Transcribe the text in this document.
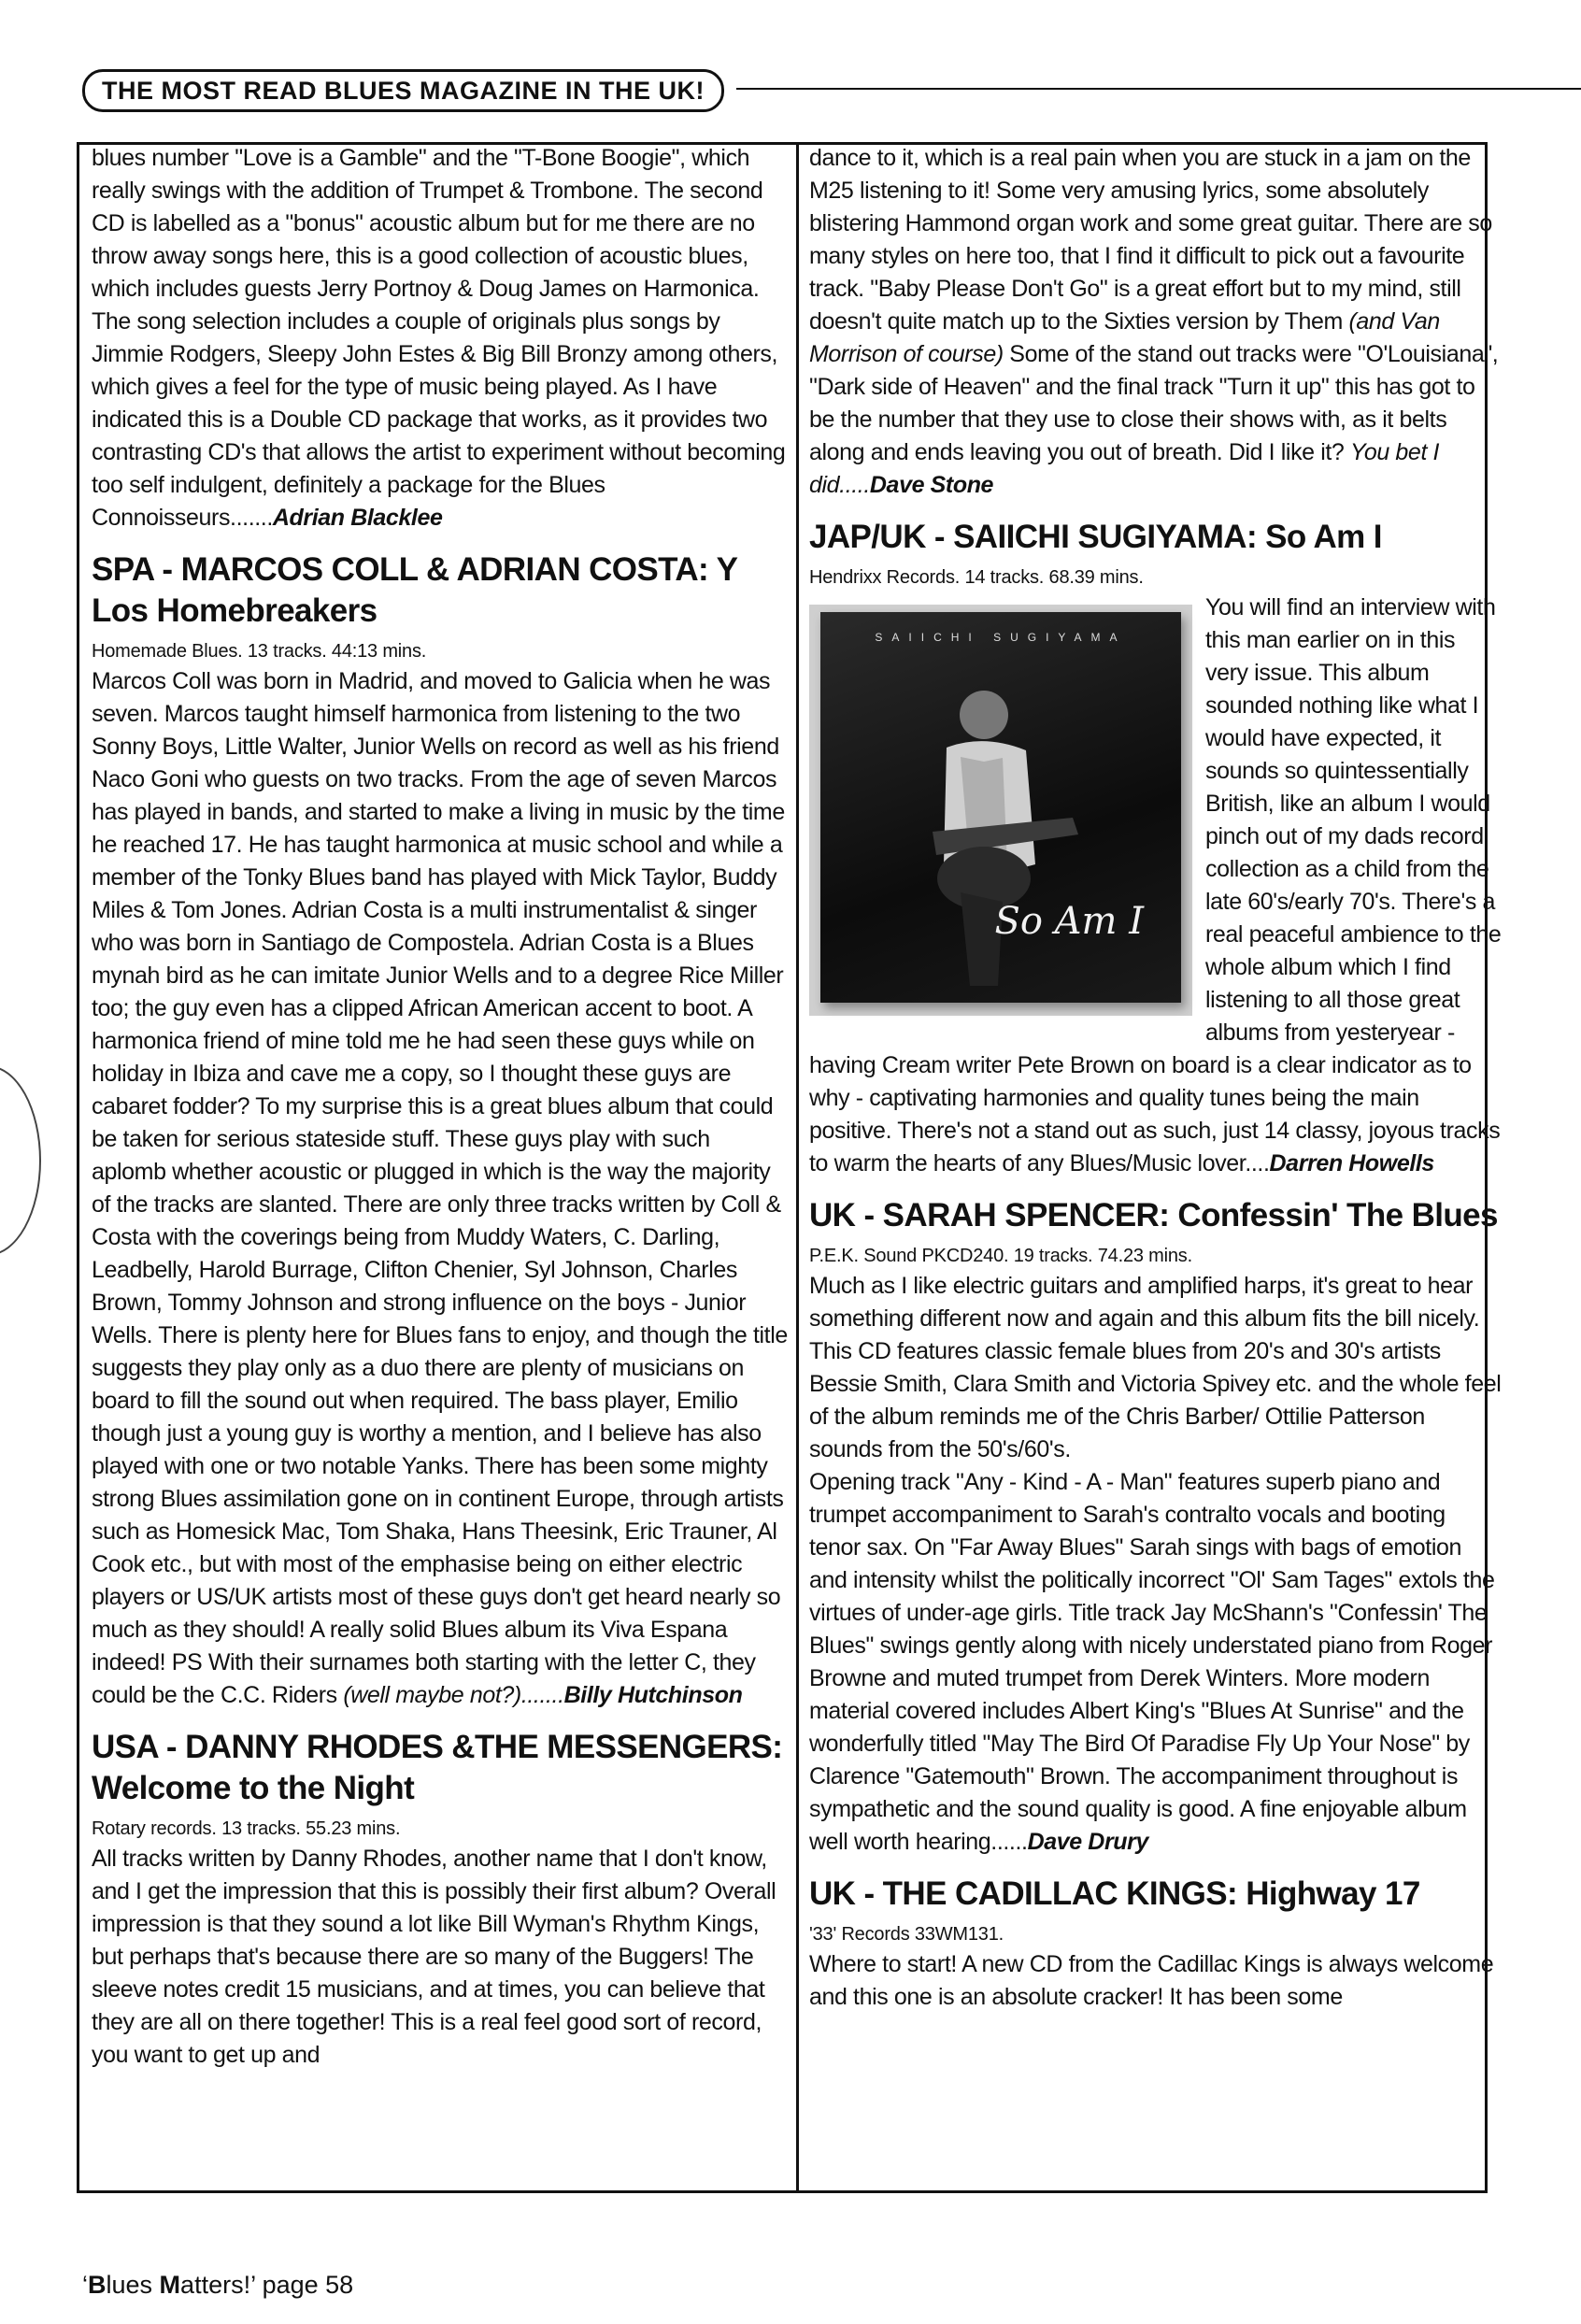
THE MOST READ BLUES MAGAZINE IN THE UK!

blues number "Love is a Gamble" and the "T-Bone Boogie", which really swings with the addition of Trumpet & Trombone. The second CD is labelled as a "bonus" acoustic album but for me there are no throw away songs here, this is a good collection of acoustic blues, which includes guests Jerry Portnoy & Doug James on Harmonica. The song selection includes a couple of originals plus songs by Jimmie Rodgers, Sleepy John Estes & Big Bill Bronzy among others, which gives a feel for the type of music being played. As I have indicated this is a Double CD package that works, as it provides two contrasting CD's that allows the artist to experiment without becoming too self indulgent, definitely a package for the Blues Connoisseurs.......Adrian Blacklee

SPA - MARCOS COLL & ADRIAN COSTA: Y Los Homebreakers

Homemade Blues. 13 tracks. 44:13 mins.

Marcos Coll was born in Madrid, and moved to Galicia when he was seven. Marcos taught himself harmonica from listening to the two Sonny Boys, Little Walter, Junior Wells on record as well as his friend Naco Goni who guests on two tracks. From the age of seven Marcos has played in bands, and started to make a living in music by the time he reached 17. He has taught harmonica at music school and while a member of the Tonky Blues band has played with Mick Taylor, Buddy Miles & Tom Jones. Adrian Costa is a multi instrumentalist & singer who was born in Santiago de Compostela. Adrian Costa is a Blues mynah bird as he can imitate Junior Wells and to a degree Rice Miller too; the guy even has a clipped African American accent to boot. A harmonica friend of mine told me he had seen these guys while on holiday in Ibiza and cave me a copy, so I thought these guys are cabaret fodder? To my surprise this is a great blues album that could be taken for serious stateside stuff. These guys play with such aplomb whether acoustic or plugged in which is the way the majority of the tracks are slanted. There are only three tracks written by Coll & Costa with the coverings being from Muddy Waters, C. Darling, Leadbelly, Harold Burrage, Clifton Chenier, Syl Johnson, Charles Brown, Tommy Johnson and strong influence on the boys - Junior Wells. There is plenty here for Blues fans to enjoy, and though the title suggests they play only as a duo there are plenty of musicians on board to fill the sound out when required. The bass player, Emilio though just a young guy is worthy a mention, and I believe has also played with one or two notable Yanks. There has been some mighty strong Blues assimilation gone on in continent Europe, through artists such as Homesick Mac, Tom Shaka, Hans Theesink, Eric Trauner, Al Cook etc., but with most of the emphasise being on either electric players or US/UK artists most of these guys don't get heard nearly so much as they should! A really solid Blues album its Viva Espana indeed! PS With their surnames both starting with the letter C, they could be the C.C. Riders (well maybe not?).......Billy Hutchinson

USA - DANNY RHODES &THE MESSENGERS: Welcome to the Night

Rotary records. 13 tracks. 55.23 mins.

All tracks written by Danny Rhodes, another name that I don't know, and I get the impression that this is possibly their first album? Overall impression is that they sound a lot like Bill Wyman's Rhythm Kings, but perhaps that's because there are so many of the Buggers! The sleeve notes credit 15 musicians, and at times, you can believe that they are all on there together! This is a real feel good sort of record, you want to get up and

dance to it, which is a real pain when you are stuck in a jam on the M25 listening to it! Some very amusing lyrics, some absolutely blistering Hammond organ work and some great guitar. There are so many styles on here too, that I find it difficult to pick out a favourite track. "Baby Please Don't Go" is a great effort but to my mind, still doesn't quite match up to the Sixties version by Them (and Van Morrison of course) Some of the stand out tracks were "O'Louisiana", "Dark side of Heaven" and the final track "Turn it up" this has got to be the number that they use to close their shows with, as it belts along and ends leaving you out of breath. Did I like it? You bet I did.....Dave Stone

JAP/UK - SAIICHI SUGIYAMA: So Am I

Hendrixx Records. 14 tracks. 68.39 mins.

SAIICHI SUGIYAMA
So Am I

You will find an interview with this man earlier on in this very issue. This album sounded nothing like what I would have expected, it sounds so quintessentially British, like an album I would pinch out of my dads record collection as a child from the late 60's/early 70's. There's a real peaceful ambience to the whole album which I find listening to all those great albums from yesteryear - having Cream writer Pete Brown on board is a clear indicator as to why - captivating harmonies and quality tunes being the main positive. There's not a stand out as such, just 14 classy, joyous tracks to warm the hearts of any Blues/Music lover....Darren Howells

UK - SARAH SPENCER: Confessin' The Blues

P.E.K. Sound PKCD240. 19 tracks. 74.23 mins.

Much as I like electric guitars and amplified harps, it's great to hear something different now and again and this album fits the bill nicely. This CD features classic female blues from 20's and 30's artists Bessie Smith, Clara Smith and Victoria Spivey etc. and the whole feel of the album reminds me of the Chris Barber/ Ottilie Patterson sounds from the 50's/60's.

Opening track "Any - Kind - A - Man" features superb piano and trumpet accompaniment to Sarah's contralto vocals and booting tenor sax. On "Far Away Blues" Sarah sings with bags of emotion and intensity whilst the politically incorrect "Ol' Sam Tages" extols the virtues of under-age girls. Title track Jay McShann's "Confessin' The Blues" swings gently along with nicely understated piano from Roger Browne and muted trumpet from Derek Winters. More modern material covered includes Albert King's "Blues At Sunrise" and the wonderfully titled "May The Bird Of Paradise Fly Up Your Nose" by Clarence "Gatemouth" Brown. The accompaniment throughout is sympathetic and the sound quality is good. A fine enjoyable album well worth hearing......Dave Drury

UK - THE CADILLAC KINGS: Highway 17

'33' Records 33WM131.

Where to start! A new CD from the Cadillac Kings is always welcome and this one is an absolute cracker! It has been some

‘Blues Matters!’ page 58
